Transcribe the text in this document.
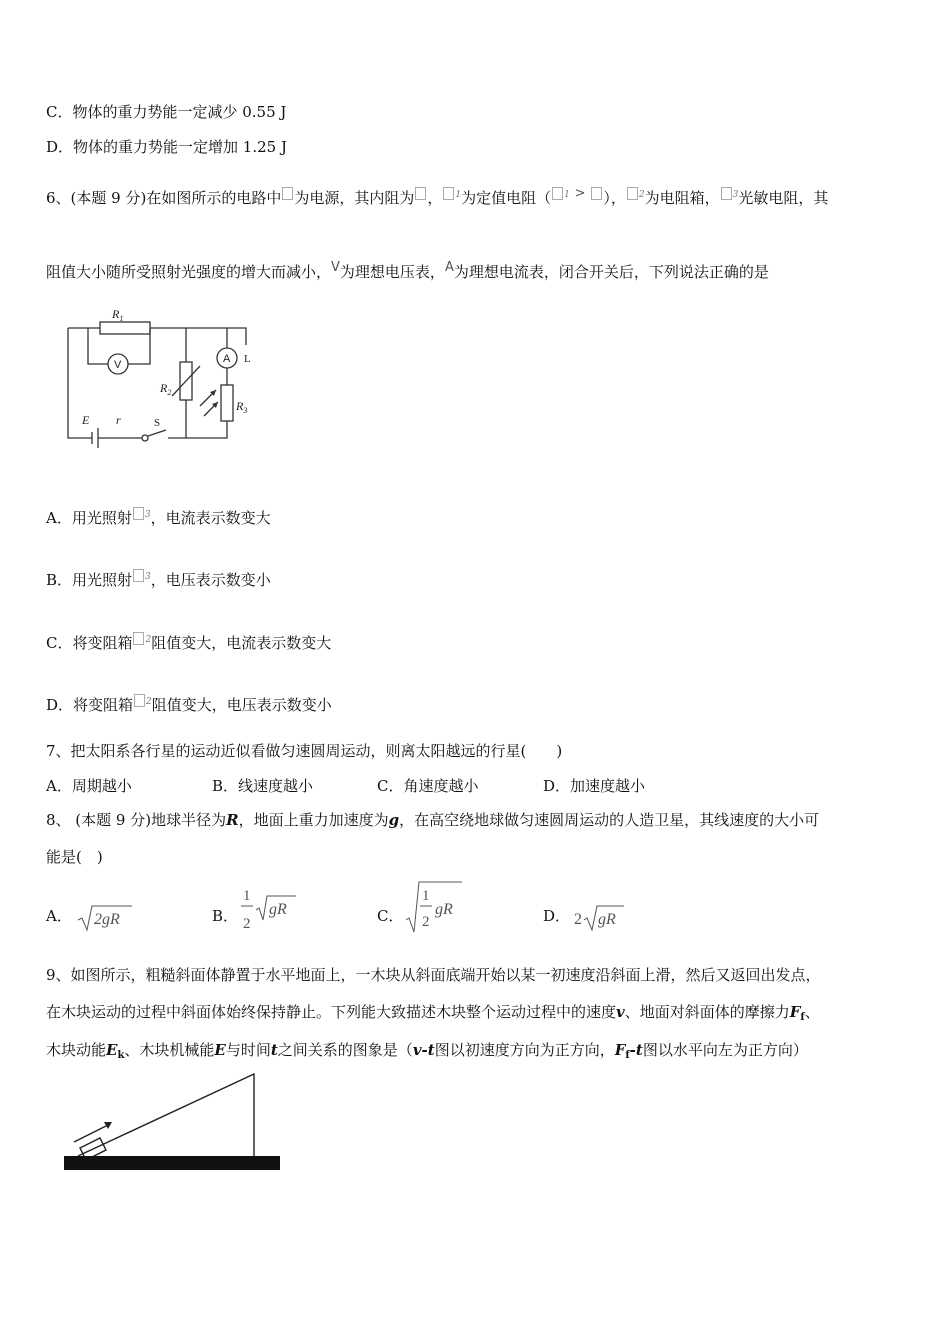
C．物体的重力势能一定减少 0.55 J
D．物体的重力势能一定增加 1.25 J
6、(本题 9 分)在如图所示的电路中 为电源，其内阻为 ， $^1$为定值电阻（ $^1$ > ）， $^2$为电阻箱， $^3$光敏电阻，其
阻值大小随所受照射光强度的增大而减小，V为理想电压表，A为理想电流表，闭合开关后，下列说法正确的是
$R_1$
$R_2$
$R_3$
E r
V	A L
S
A．用光照射 $^3$，电流表示数变大
B．用光照射 $^3$，电压表示数变小
C．将变阻箱 $^2$阻值变大，电流表示数变大
D．将变阻箱 $^2$阻值变大，电压表示数变小
7、把太阳系各行星的运动近似看做匀速圆周运动，则离太阳越远的行星(　　)
A．周期越小	B．线速度越小	C．角速度越小	D．加速度越小
8、 (本题 9 分)地球半径为R，地面上重力加速度为g，在高空绕地球做匀速圆周运动的人造卫星，其线速度的大小可
能是(　)
A． 2gR	B．
1
2
gR	C．
1
2
gR	D． 2 gR
9、如图所示，粗糙斜面体静置于水平地面上，一木块从斜面底端开始以某一初速度沿斜面上滑，然后又返回出发点，
在木块运动的过程中斜面体始终保持静止。下列能大致描述木块整个运动过程中的速度v、地面对斜面体的摩擦力$F_f$、
木块动能$E_k$、木块机械能E与时间t之间关系的图象是（v-t图以初速度方向为正方向，$F_f-t$图以水平向左为正方向）
